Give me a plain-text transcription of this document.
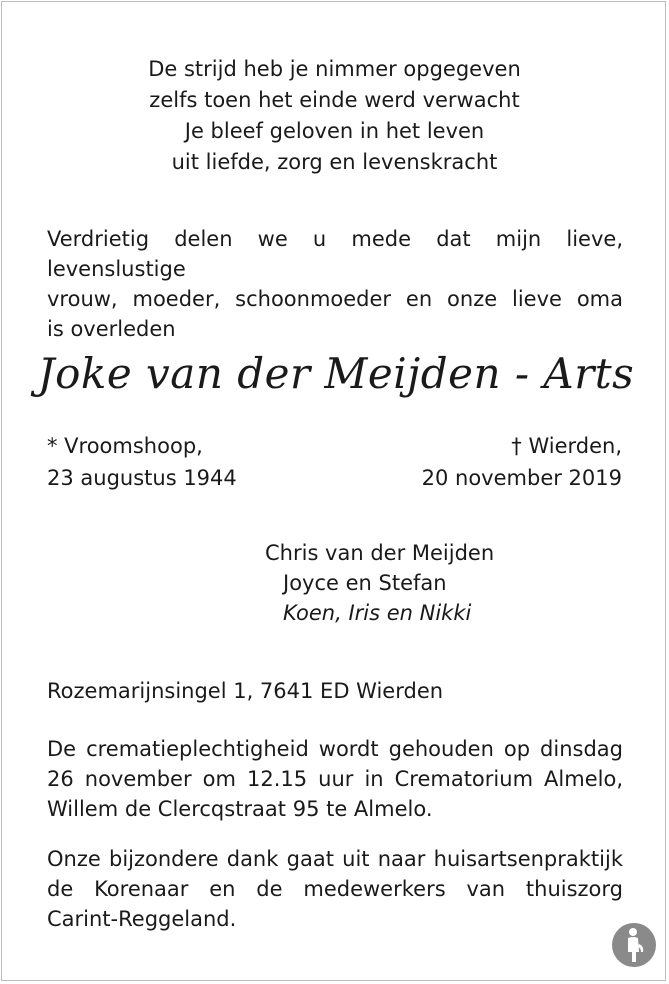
De strijd heb je nimmer opgegeven
zelfs toen het einde werd verwacht
Je bleef geloven in het leven
uit liefde, zorg en levenskracht
Verdrietig delen we u mede dat mijn lieve, levenslustige
vrouw, moeder, schoonmoeder en onze lieve oma
is overleden
Joke van der Meijden - Arts
* Vroomshoop,
23 augustus 1944
† Wierden,
20 november 2019
Chris van der Meijden
Joyce en Stefan
Koen, Iris en Nikki
Rozemarijnsingel 1, 7641 ED Wierden
De crematieplechtigheid wordt gehouden op dinsdag
26 november om 12.15 uur in Crematorium Almelo,
Willem de Clercqstraat 95 te Almelo.
Onze bijzondere dank gaat uit naar huisartsenpraktijk
de Korenaar en de medewerkers van thuiszorg
Carint-Reggeland.
